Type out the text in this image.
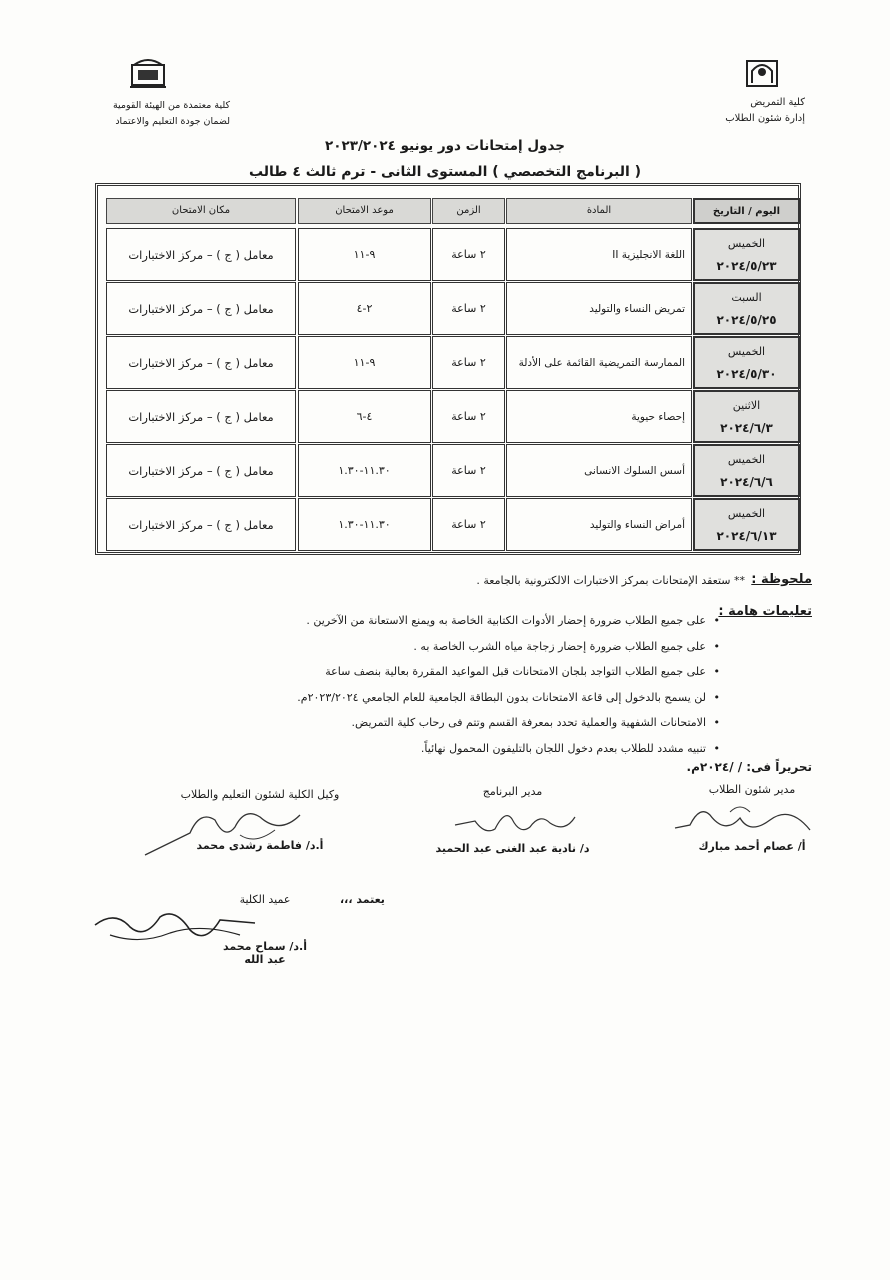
كلية التمريض
إدارة شئون الطلاب
كلية معتمدة من الهيئة القومية
لضمان جودة التعليم والاعتماد
جدول إمتحانات دور يونيو ٢٠٢٣/٢٠٢٤
( البرنامج التخصصي ) المستوى الثانى - ترم ثالث ٤ طالب
اليوم / التاريخ
المادة
الزمن
موعد الامتحان
مكان الامتحان
الخميس
٢٠٢٤/٥/٢٣
اللغة الانجليزية II
٢ ساعة
٩-١١
معامل ( ج ) – مركز الاختبارات
السبت
٢٠٢٤/٥/٢٥
تمريض النساء والتوليد
٢ ساعة
٢-٤
معامل ( ج ) – مركز الاختبارات
الخميس
٢٠٢٤/٥/٣٠
الممارسة التمريضية القائمة على الأدلة
٢ ساعة
٩-١١
معامل ( ج ) – مركز الاختبارات
الاثنين
٢٠٢٤/٦/٣
إحصاء حيوية
٢ ساعة
٤-٦
معامل ( ج ) – مركز الاختبارات
الخميس
٢٠٢٤/٦/٦
أسس السلوك الانسانى
٢ ساعة
١١.٣٠-١.٣٠
معامل ( ج ) – مركز الاختبارات
الخميس
٢٠٢٤/٦/١٣
أمراض النساء والتوليد
٢ ساعة
١١.٣٠-١.٣٠
معامل ( ج ) – مركز الاختبارات
ملحوظة :
** ستعقد الإمتحانات بمركز الاختبارات الالكترونية بالجامعة .
تعليمات هامة :
• على جميع الطلاب ضرورة إحضار الأدوات الكتابية الخاصة به ويمنع الاستعانة من الآخرين .
• على جميع الطلاب ضرورة إحضار زجاجة مياه الشرب الخاصة به .
• على جميع الطلاب التواجد بلجان الامتحانات قبل المواعيد المقررة بعالية بنصف ساعة
• لن يسمح بالدخول إلى قاعة الامتحانات بدون البطاقة الجامعية للعام الجامعي ٢٠٢٣/٢٠٢٤م.
• الامتحانات الشفهية والعملية تحدد بمعرفة القسم وتتم فى رحاب كلية التمريض.
• تنبيه مشدد للطلاب بعدم دخول اللجان بالتليفون المحمول نهائياً.
تحريراً فى: / /٢٠٢٤م.
مدير شئون الطلاب
أ/ عصام أحمد مبارك
مدير البرنامج
د/ نادية عبد الغنى عبد الحميد
وكيل الكلية لشئون التعليم والطلاب
أ.د/ فاطمة رشدى محمد
يعتمد ،،،
عميد الكلية
أ.د/ سماح محمد عبد الله
